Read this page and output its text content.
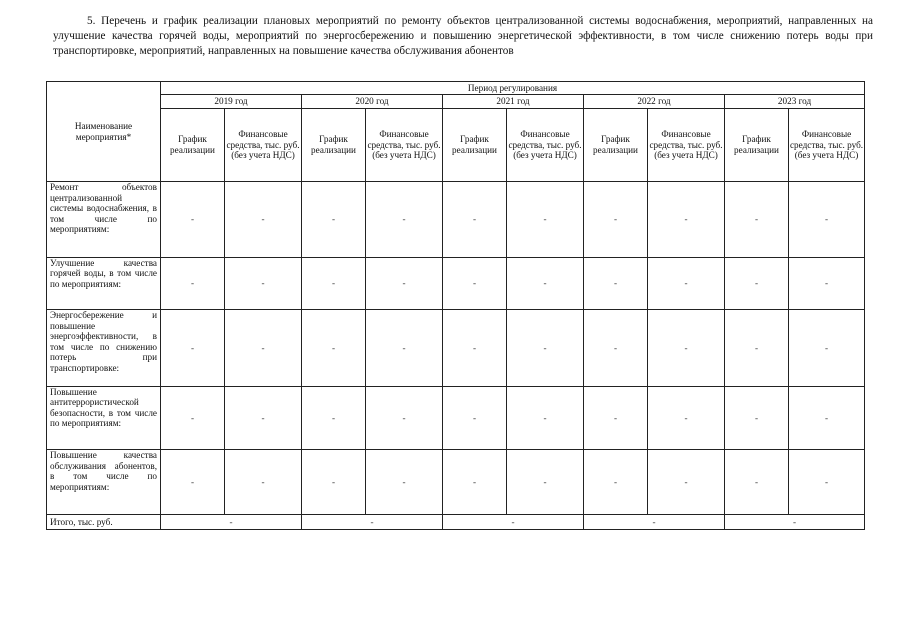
5. Перечень и график реализации плановых мероприятий по ремонту объектов централизованной системы водоснабжения, мероприятий, направленных на улучшение качества горячей воды, мероприятий по энергосбережению и повышению энергетической эффективности, в том числе снижению потерь воды при транспортировке, мероприятий, направленных на повышение качества обслуживания абонентов
Наименование мероприятия*	Период регулирования									
	2019 год		2020 год		2021 год		2022 год		2023 год	
	График реализации	Финансовые средства, тыс. руб. (без учета НДС)	График реализации	Финансовые средства, тыс. руб. (без учета НДС)	График реализации	Финансовые средства, тыс. руб. (без учета НДС)	График реализации	Финансовые средства, тыс. руб. (без учета НДС)	График реализации	Финансовые средства, тыс. руб. (без учета НДС)
Ремонт объектов централизованной системы водоснабжения, в том числе по мероприятиям:	-	-	-	-	-	-	-	-	-	-
Улучшение качества горячей воды, в том числе по мероприятиям:	-	-	-	-	-	-	-	-	-	-
Энергосбережение и повышение энергоэффективности, в том числе по снижению потерь при транспортировке:	-	-	-	-	-	-	-	-	-	-
Повышение антитеррористической безопасности, в том числе по мероприятиям:	-	-	-	-	-	-	-	-	-	-
Повышение качества обслуживания абонентов, в том числе по мероприятиям:	-	-	-	-	-	-	-	-	-	-
Итого, тыс. руб.	-		-		-		-		-	
